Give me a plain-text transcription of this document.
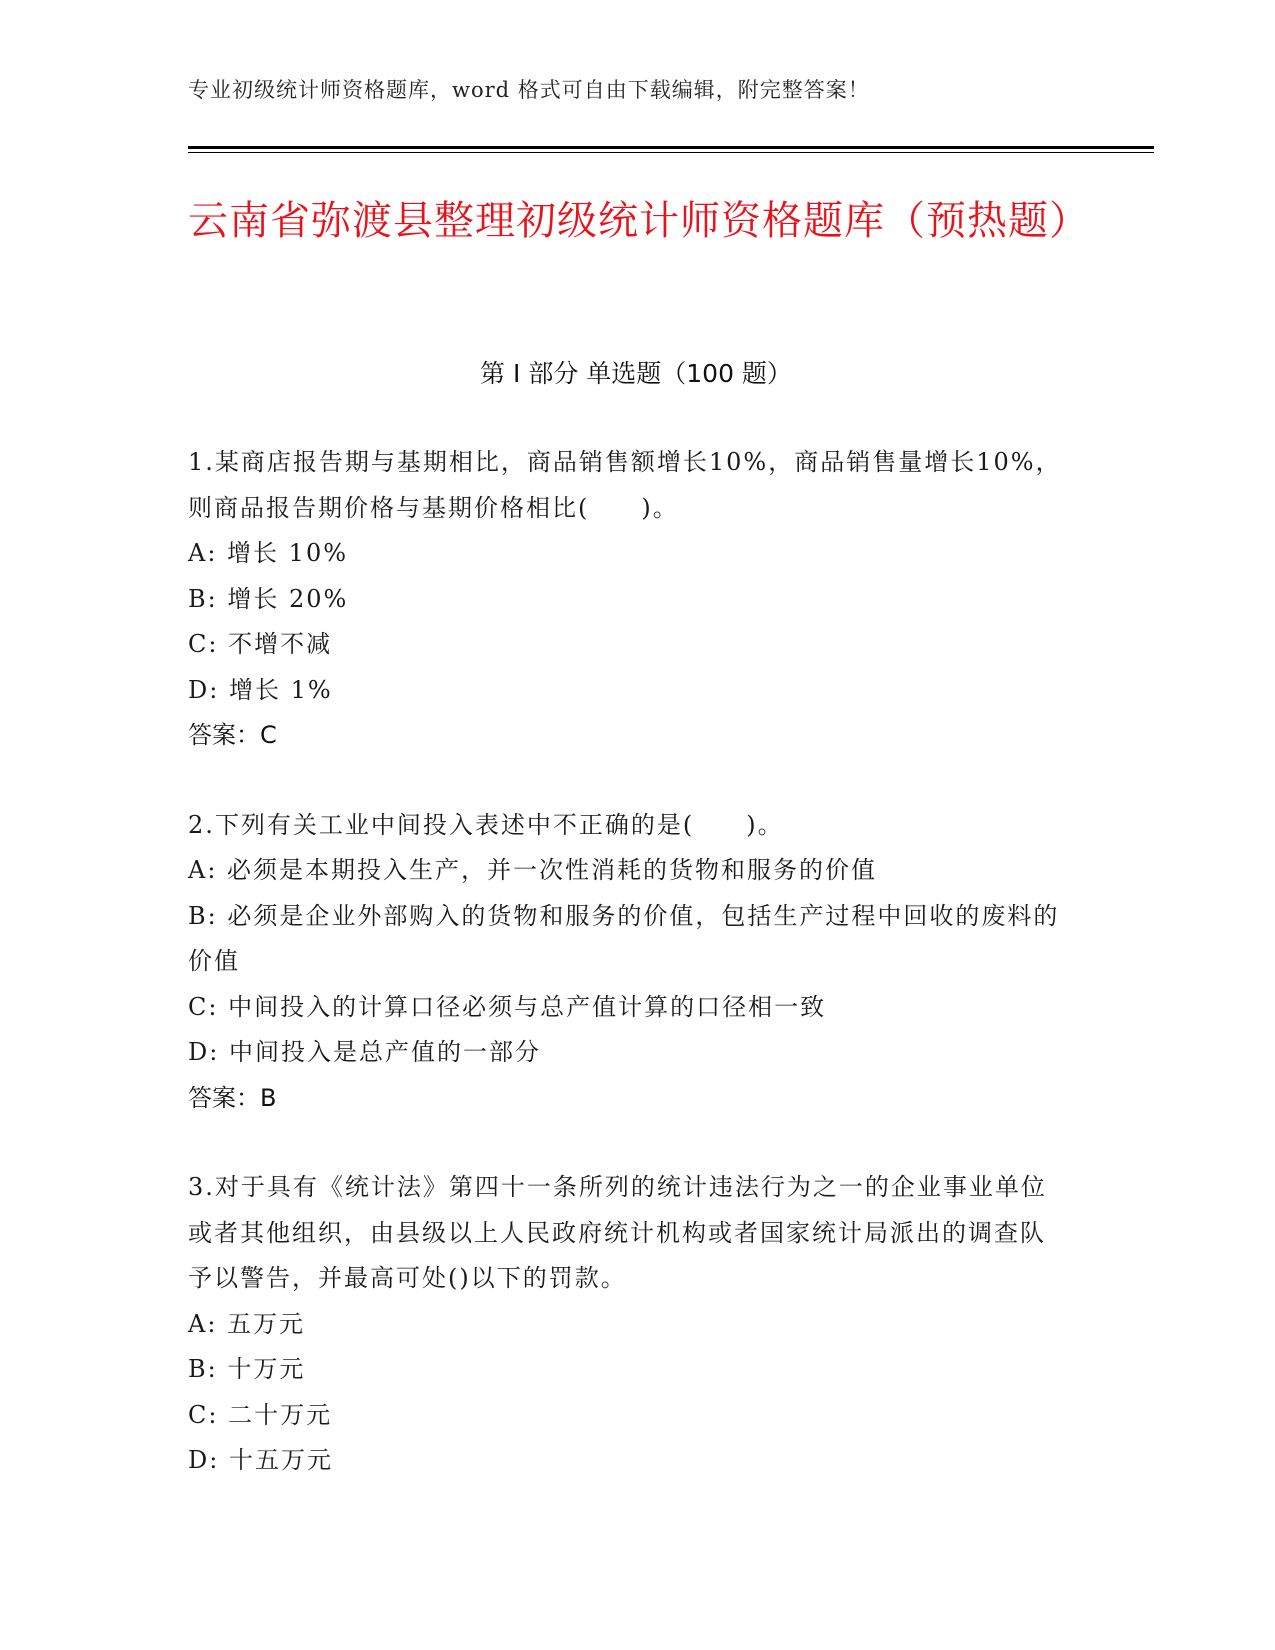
专业初级统计师资格题库，word 格式可自由下载编辑，附完整答案！
云南省弥渡县整理初级统计师资格题库（预热题）
第 I 部分 单选题（100 题）

1.某商店报告期与基期相比，商品销售额增长10%，商品销售量增长10%，则商品报告期价格与基期价格相比(　　)。

A: 增长 10%

B: 增长 20%

C: 不增不减

D: 增长 1%

答案：C

2.下列有关工业中间投入表述中不正确的是(　　)。

A: 必须是本期投入生产，并一次性消耗的货物和服务的价值

B: 必须是企业外部购入的货物和服务的价值，包括生产过程中回收的废料的价值

C: 中间投入的计算口径必须与总产值计算的口径相一致

D: 中间投入是总产值的一部分

答案：B

3.对于具有《统计法》第四十一条所列的统计违法行为之一的企业事业单位或者其他组织，由县级以上人民政府统计机构或者国家统计局派出的调查队予以警告，并最高可处()以下的罚款。

A: 五万元

B: 十万元

C: 二十万元

D: 十五万元
